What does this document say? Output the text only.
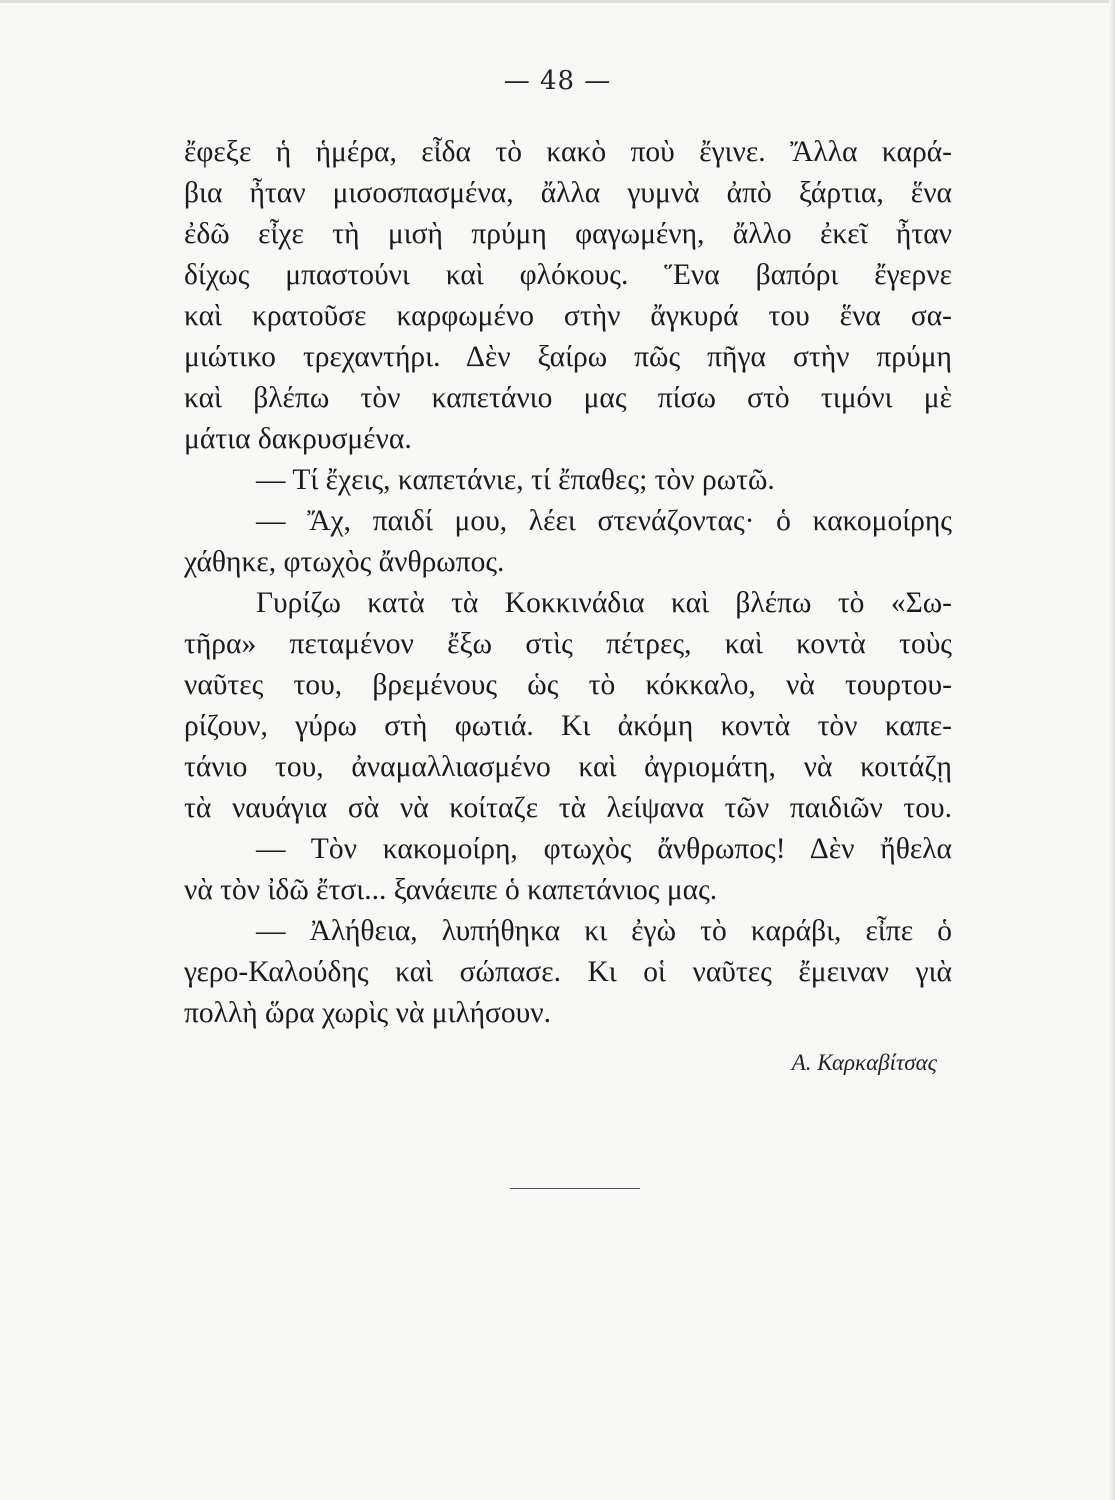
— 48 —
ἔφεξε ἡ ἡμέρα, εἶδα τὸ κακὸ ποὺ ἔγινε. Ἄλλα καρά-
βια ἦταν μισοσπασμένα, ἄλλα γυμνὰ ἀπὸ ξάρτια, ἕνα
ἐδῶ εἶχε τὴ μισὴ πρύμη φαγωμένη, ἄλλο ἐκεῖ ἦταν
δίχως μπαστούνι καὶ φλόκους. Ἕνα βαπόρι ἔγερνε
καὶ κρατοῦσε καρφωμένο στὴν ἄγκυρά του ἕνα σα-
μιώτικο τρεχαντήρι. Δὲν ξαίρω πῶς πῆγα στὴν πρύμη
καὶ βλέπω τὸν καπετάνιο μας πίσω στὸ τιμόνι μὲ
μάτια δακρυσμένα.
— Τί ἔχεις, καπετάνιε, τί ἔπαθες; τὸν ρωτῶ.
— Ἄχ, παιδί μου, λέει στενάζοντας· ὁ κακομοίρης
χάθηκε, φτωχὸς ἄνθρωπος.
Γυρίζω κατὰ τὰ Κοκκινάδια καὶ βλέπω τὸ «Σω-
τῆρα» πεταμένον ἔξω στὶς πέτρες, καὶ κοντὰ τοὺς
ναῦτες του, βρεμένους ὡς τὸ κόκκαλο, νὰ τουρτου-
ρίζουν, γύρω στὴ φωτιά. Κι ἀκόμη κοντὰ τὸν καπε-
τάνιο του, ἀναμαλλιασμένο καὶ ἀγριομάτη, νὰ κοιτάζῃ
τὰ ναυάγια σὰ νὰ κοίταζε τὰ λείψανα τῶν παιδιῶν του.
— Τὸν κακομοίρη, φτωχὸς ἄνθρωπος! Δὲν ἤθελα
νὰ τὸν ἰδῶ ἔτσι... ξανάειπε ὁ καπετάνιος μας.
— Ἀλήθεια, λυπήθηκα κι ἐγὼ τὸ καράβι, εἶπε ὁ
γερο-Καλούδης καὶ σώπασε. Κι οἱ ναῦτες ἔμειναν γιὰ
πολλὴ ὥρα χωρὶς νὰ μιλήσουν.
Α. Καρκαβίτσας
